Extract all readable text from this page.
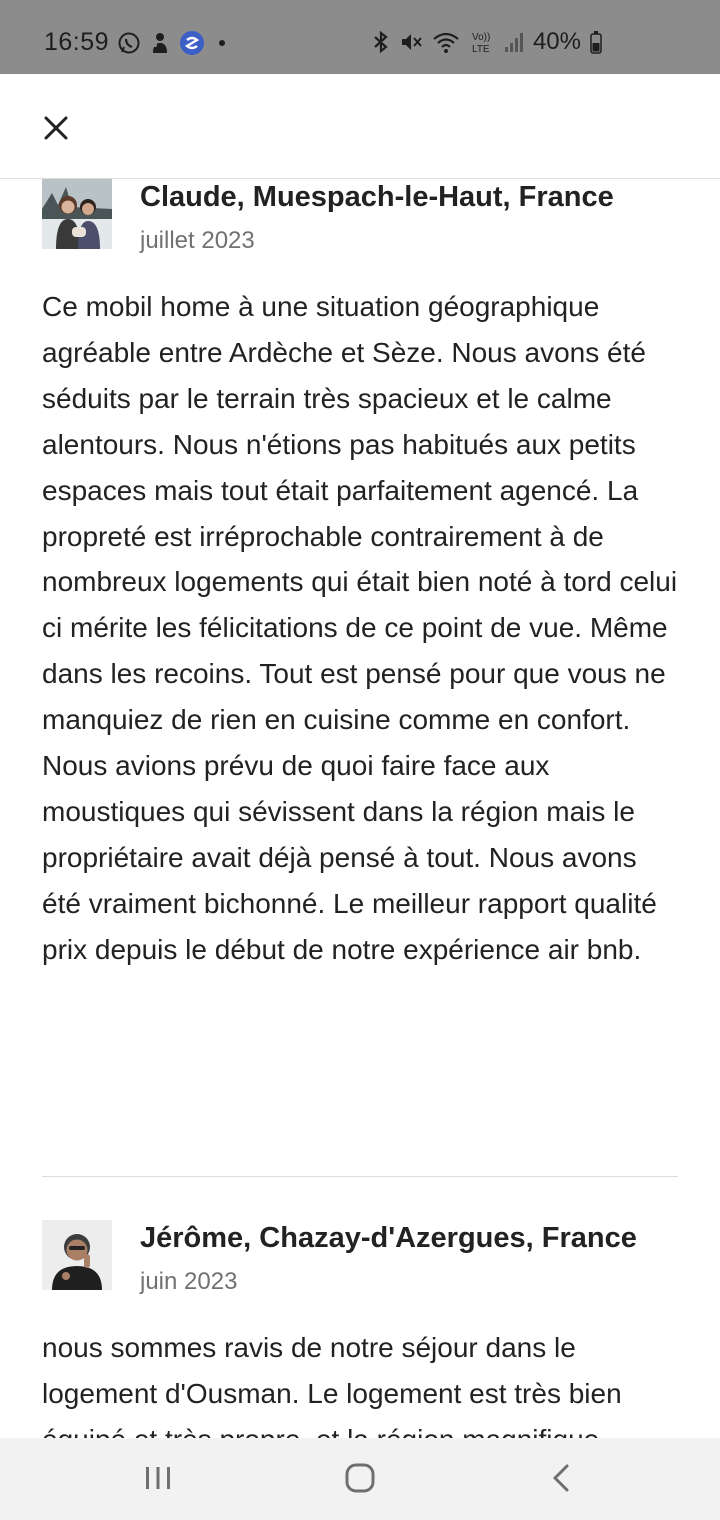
16:59	Vo))
LTE 40%
Claude, Muespach-le-Haut, France
juillet 2023

Ce mobil home à une situation géographique agréable entre Ardèche et Sèze. Nous avons été séduits par le terrain très spacieux et le calme alentours. Nous n'étions pas habitués aux petits espaces mais tout était parfaitement agencé. La propreté est irréprochable contrairement à de nombreux logements qui était bien noté à tord celui ci mérite les félicitations de ce point de vue. Même dans les recoins. Tout est pensé pour que vous ne manquiez de rien en cuisine comme en confort. Nous avions prévu de quoi faire face aux moustiques qui sévissent dans la région mais le propriétaire avait déjà pensé à tout. Nous avons été vraiment bichonné. Le meilleur rapport qualité prix depuis le début de notre expérience air bnb.

Jérôme, Chazay-d'Azergues, France
juin 2023

nous sommes ravis de notre séjour dans le logement d'Ousman. Le logement est très bien
